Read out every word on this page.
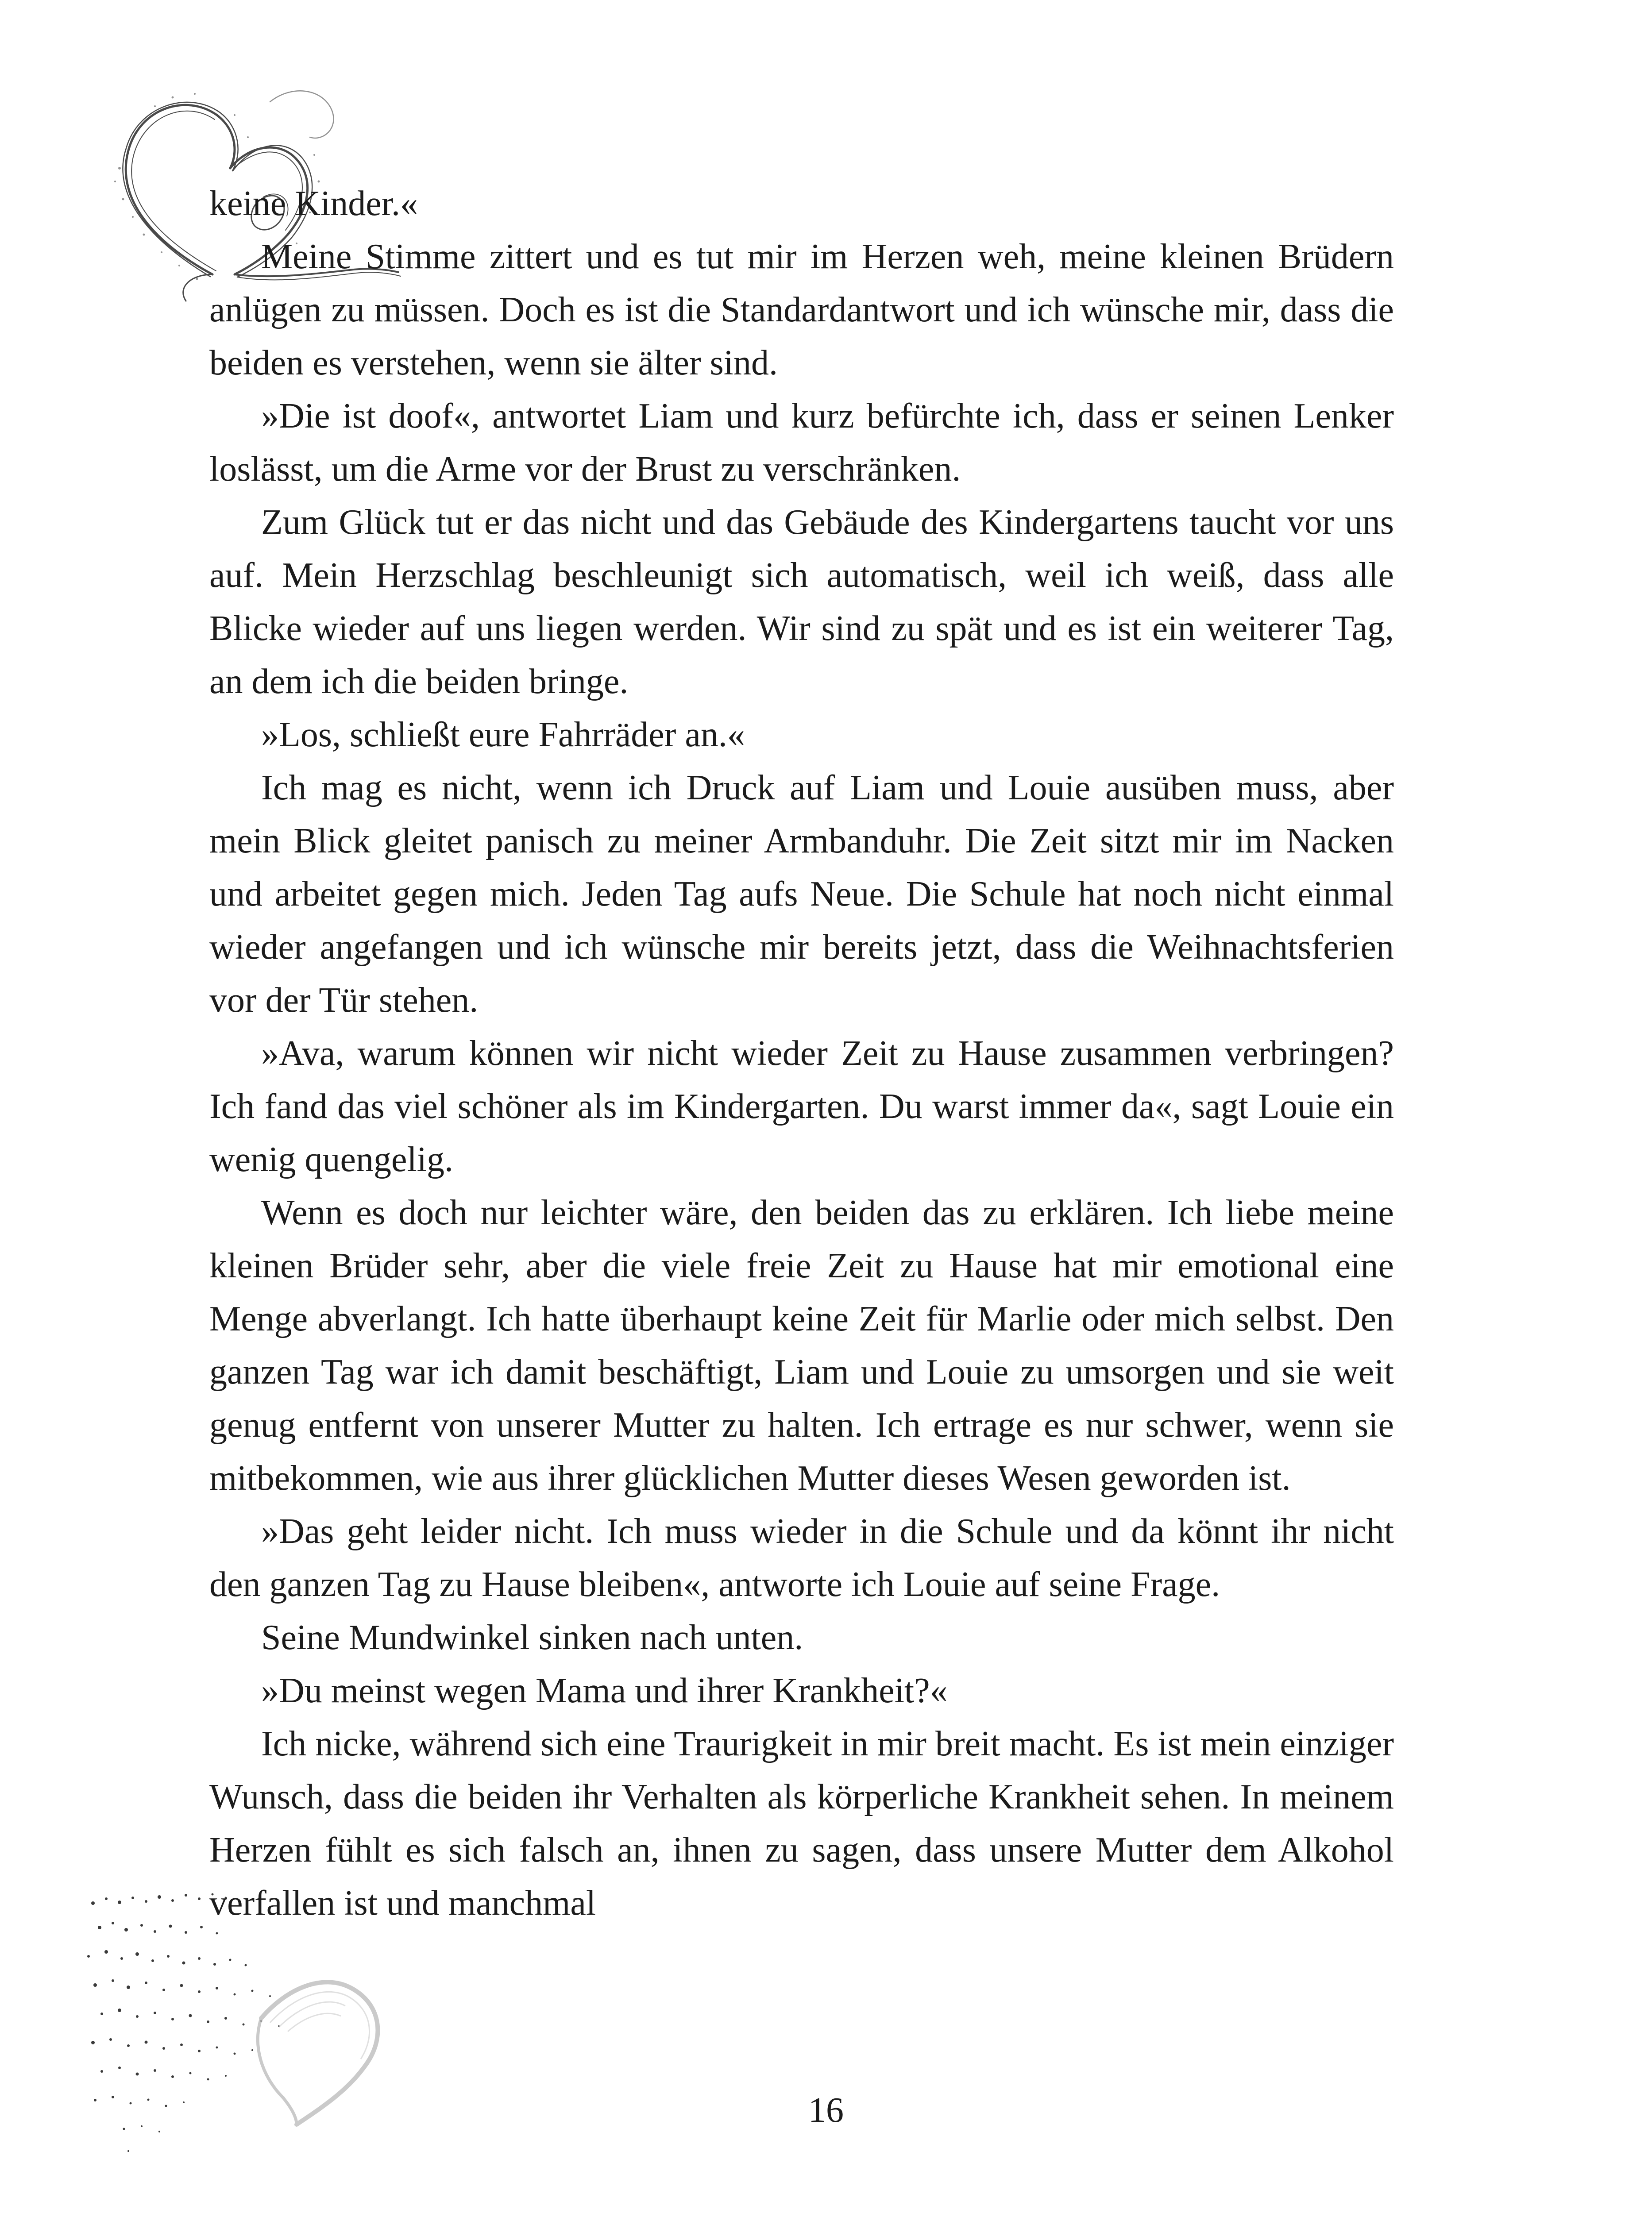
keine Kinder.«

Meine Stimme zittert und es tut mir im Herzen weh, meine kleinen Brüdern anlügen zu müssen. Doch es ist die Standardantwort und ich wünsche mir, dass die beiden es verstehen, wenn sie älter sind.

»Die ist doof«, antwortet Liam und kurz befürchte ich, dass er seinen Lenker loslässt, um die Arme vor der Brust zu verschränken.

Zum Glück tut er das nicht und das Gebäude des Kindergartens taucht vor uns auf. Mein Herzschlag beschleunigt sich automatisch, weil ich weiß, dass alle Blicke wieder auf uns liegen werden. Wir sind zu spät und es ist ein weiterer Tag, an dem ich die beiden bringe.

»Los, schließt eure Fahrräder an.«

Ich mag es nicht, wenn ich Druck auf Liam und Louie ausüben muss, aber mein Blick gleitet panisch zu meiner Armbanduhr. Die Zeit sitzt mir im Nacken und arbeitet gegen mich. Jeden Tag aufs Neue. Die Schule hat noch nicht einmal wieder angefangen und ich wünsche mir bereits jetzt, dass die Weihnachtsferien vor der Tür stehen.

»Ava, warum können wir nicht wieder Zeit zu Hause zusammen verbringen? Ich fand das viel schöner als im Kindergarten. Du warst immer da«, sagt Louie ein wenig quengelig.

Wenn es doch nur leichter wäre, den beiden das zu erklären. Ich liebe meine kleinen Brüder sehr, aber die viele freie Zeit zu Hause hat mir emotional eine Menge abverlangt. Ich hatte überhaupt keine Zeit für Marlie oder mich selbst. Den ganzen Tag war ich damit beschäftigt, Liam und Louie zu umsorgen und sie weit genug entfernt von unserer Mutter zu halten. Ich ertrage es nur schwer, wenn sie mitbekommen, wie aus ihrer glücklichen Mutter dieses Wesen geworden ist.

»Das geht leider nicht. Ich muss wieder in die Schule und da könnt ihr nicht den ganzen Tag zu Hause bleiben«, antworte ich Louie auf seine Frage.

Seine Mundwinkel sinken nach unten.

»Du meinst wegen Mama und ihrer Krankheit?«

Ich nicke, während sich eine Traurigkeit in mir breit macht. Es ist mein einziger Wunsch, dass die beiden ihr Verhalten als körperliche Krankheit sehen. In meinem Herzen fühlt es sich falsch an, ihnen zu sagen, dass unsere Mutter dem Alkohol verfallen ist und manchmal

16
